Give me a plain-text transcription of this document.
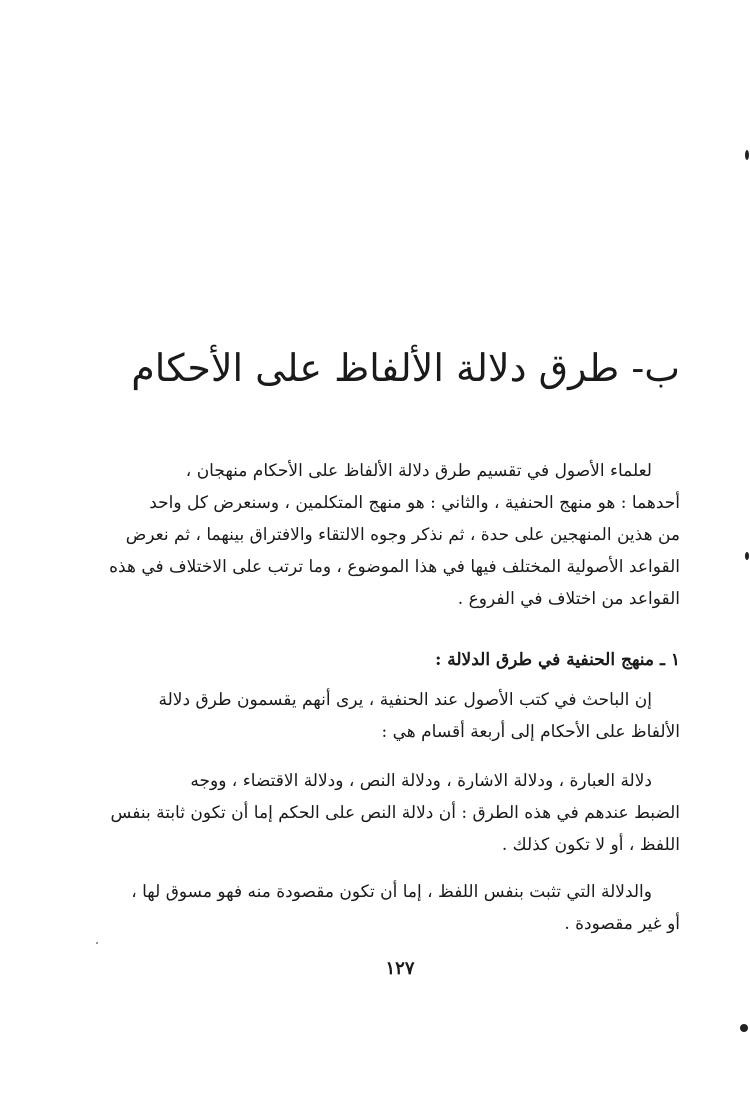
ب- طرق دلالة الألفاظ على الأحكام
لعلماء الأصول في تقسيم طرق دلالة الألفاظ على الأحكام منهجان ،
أحدهما : هو منهج الحنفية ، والثاني : هو منهج المتكلمين ، وسنعرض كل واحد
من هذين المنهجين على حدة ، ثم نذكر وجوه الالتقاء والافتراق بينهما ، ثم نعرض
القواعد الأصولية المختلف فيها في هذا الموضوع ، وما ترتب على الاختلاف في هذه
القواعد من اختلاف في الفروع .
١ ـ منهج الحنفية في طرق الدلالة :
إن الباحث في كتب الأصول عند الحنفية ، يرى أنهم يقسمون طرق دلالة
الألفاظ على الأحكام إلى أربعة أقسام هي :
دلالة العبارة ، ودلالة الاشارة ، ودلالة النص ، ودلالة الاقتضاء ، ووجه
الضبط عندهم في هذه الطرق : أن دلالة النص على الحكم إما أن تكون ثابتة بنفس
اللفظ ، أو لا تكون كذلك .
والدلالة التي تثبت بنفس اللفظ ، إما أن تكون مقصودة منه فهو مسوق لها ،
أو غير مقصودة .
١٢٧
